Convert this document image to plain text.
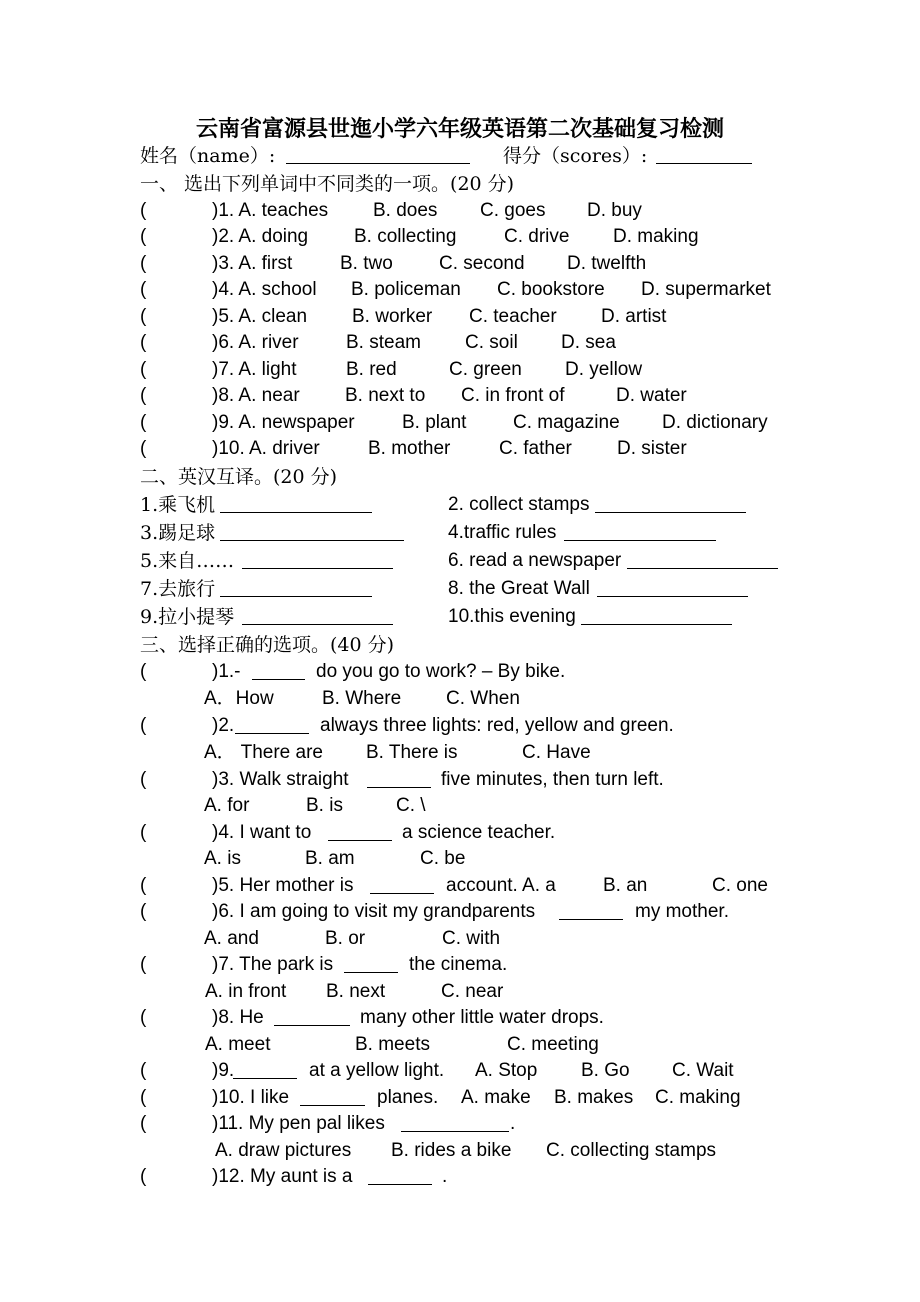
云南省富源县世迤小学六年级英语第二次基础复习检测
姓名（name）:	得分（scores）:
一、 选出下列单词中不同类的一项。(20 分)
(	)1. A. teaches B. does C. goes D. buy
(	)2. A. doing B. collecting	C. drive D. making
(	)3. A. first	B. two C. second D. twelfth
(	)4. A. school B. policeman C. bookstore D. supermarket
(	)5. A. clean B. worker C. teacher D. artist
(	)6. A. river B. steam C. soil D. sea
(	)7. A. light	B. red	C. green D. yellow
(	)8. A. near B. next to C. in front of	D. water
(	)9. A. newspaper B. plant C. magazine D. dictionary
(	)10. A. driver	B. mother	C. father D. sister
二、英汉互译。(20 分)
1.乘飞机	2. collect stamps
3.踢足球	4.traffic rules
5.来自……	6. read a newspaper
7.去旅行	8. the Great Wall
9.拉小提琴	10.this evening
三、选择正确的选项。(40 分)
(	)1.-	do you go to work? – By bike.
A．How	B. Where C. When
(	)2.	always three lights: red, yellow and green.
A． There are B. There is	C. Have
(	)3. Walk straight	five minutes, then turn left.
A. for	B. is	C. \
(	)4. I want to	a science teacher.
A. is	B. am	C. be
(	)5. Her mother is	account. A. a B. an	C. one
(	)6. I am going to visit my grandparents	my mother.
A. and	B. or	C. with
(	)7. The park is	the cinema.
A. in front B. next	C. near
(	)8. He	many other little water drops.
A. meet	B. meets	C. meeting
(	)9.	at a yellow light. A. Stop B. Go C. Wait
(	)10. I like	planes. A. make B. makes C. making
(	)11. My pen pal likes	.
A. draw pictures B. rides a bike C. collecting stamps
(	)12. My aunt is a	.
